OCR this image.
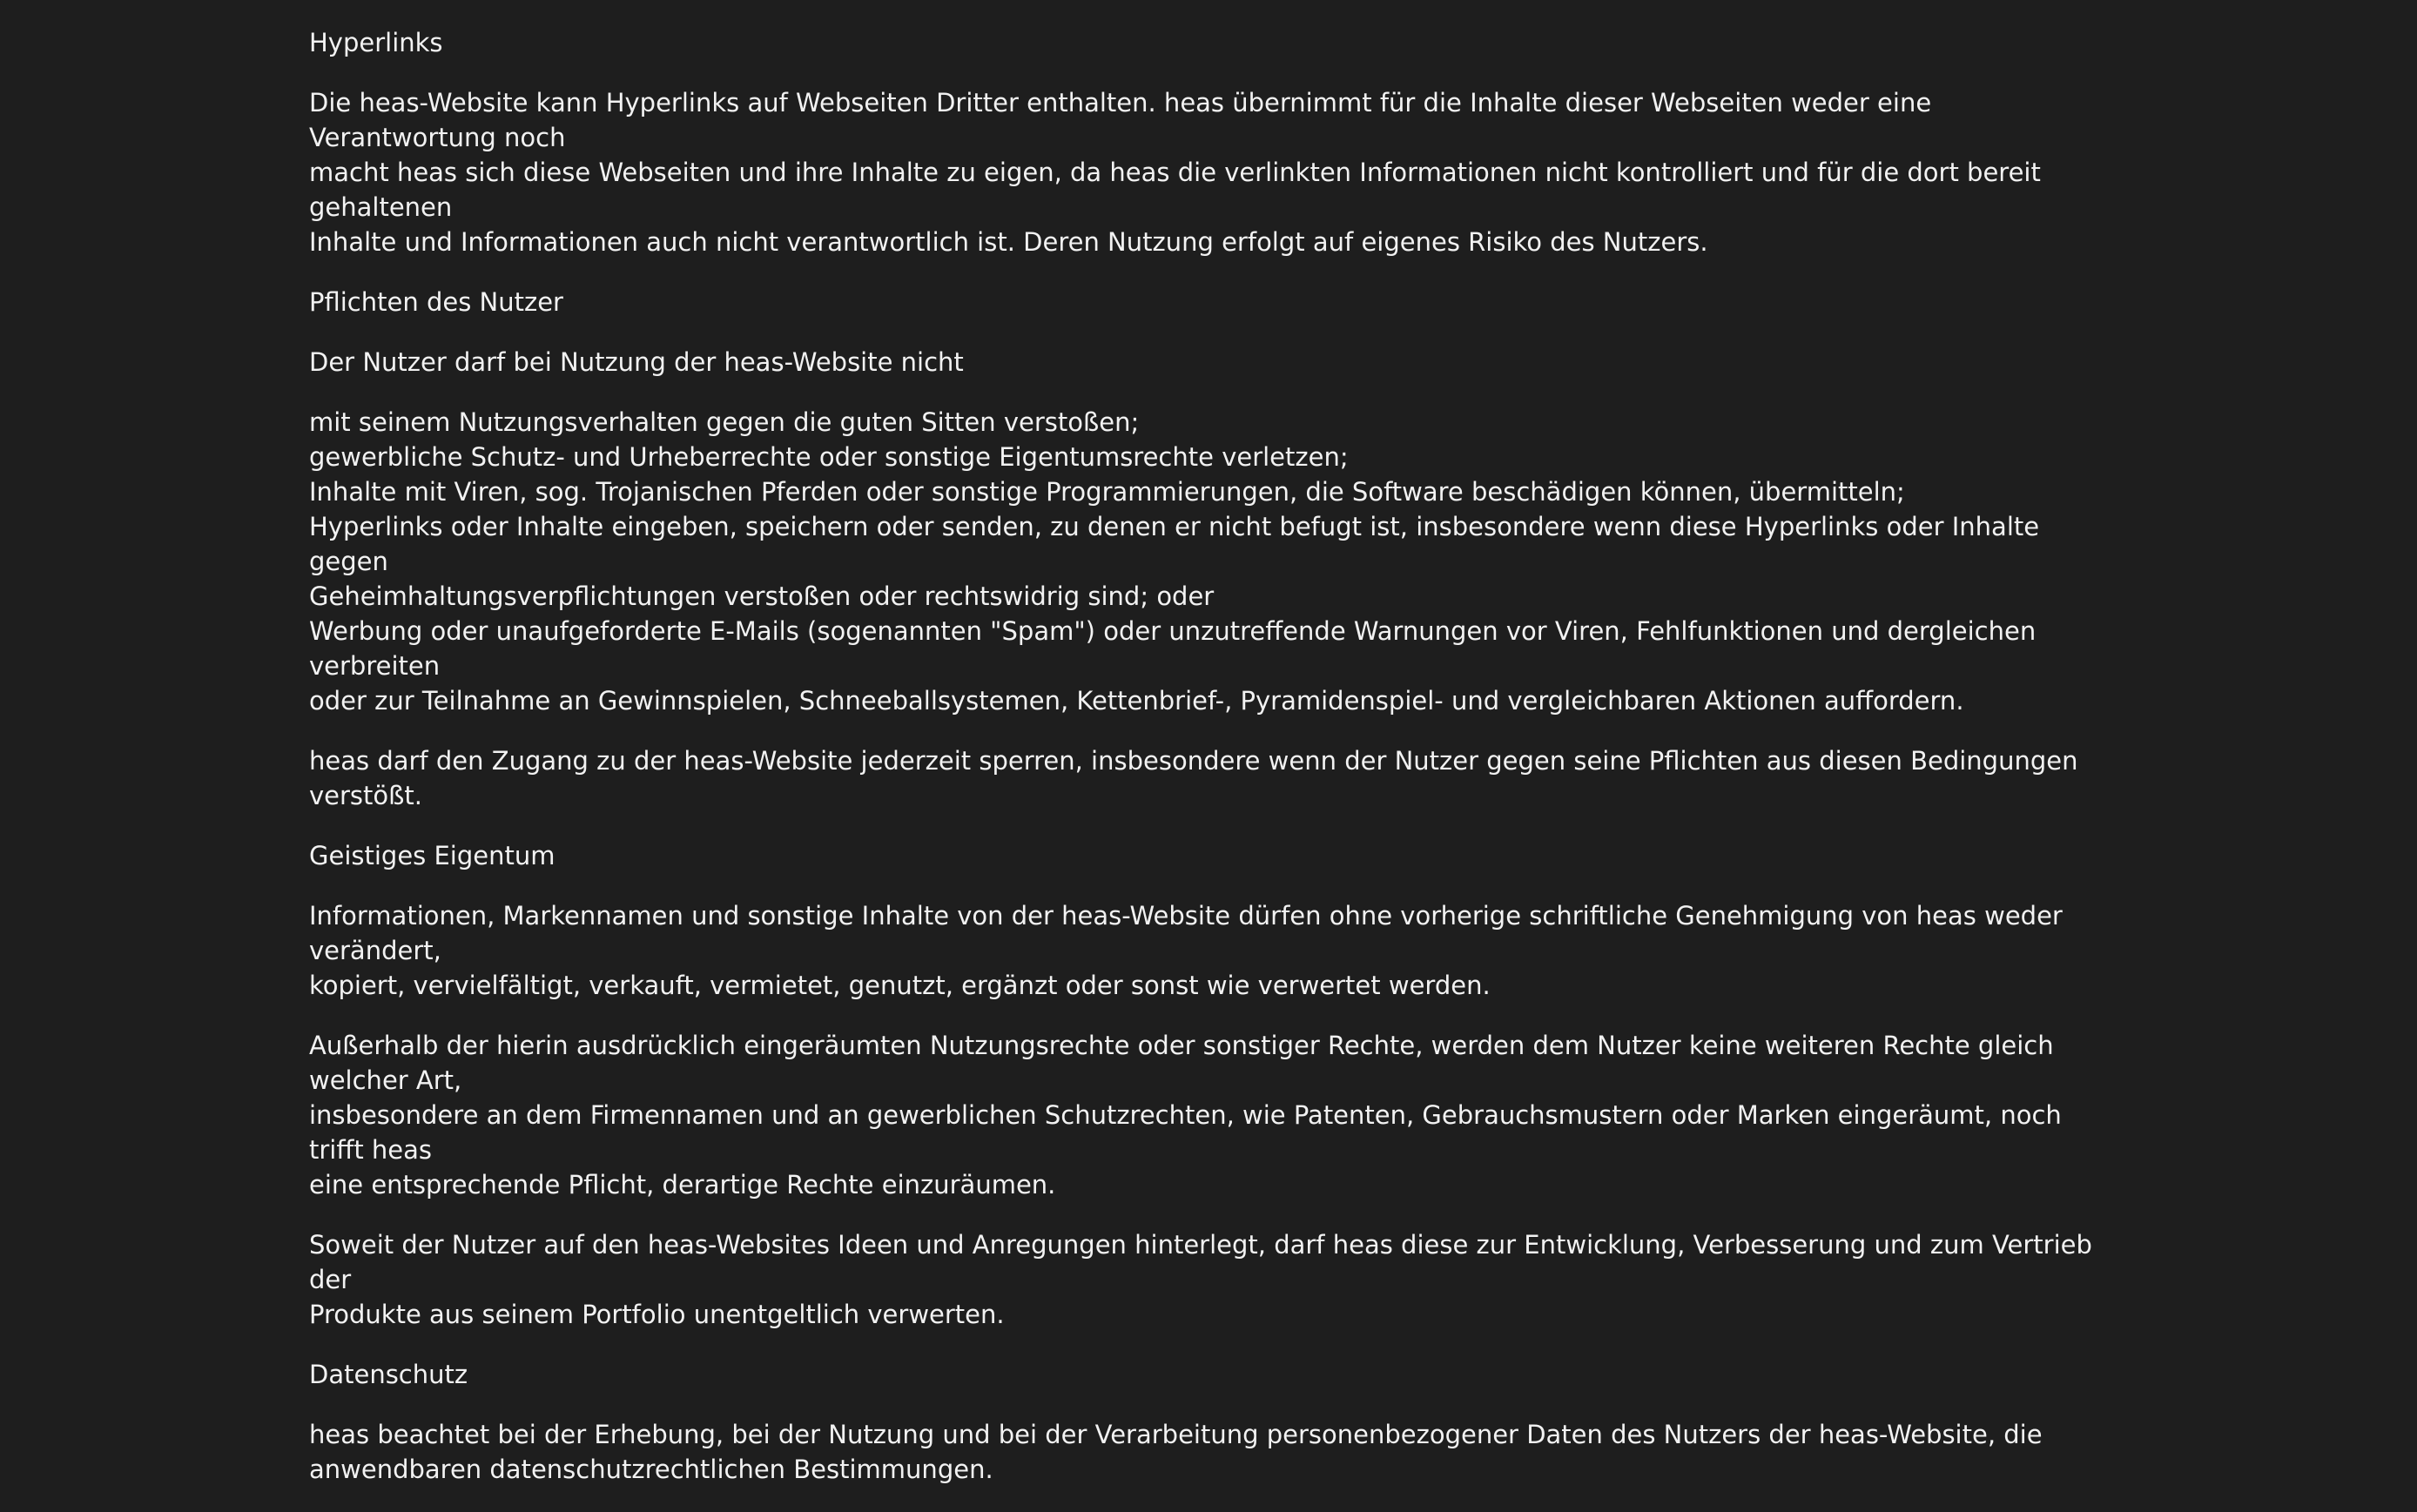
Hyperlinks

Die heas-Website kann Hyperlinks auf Webseiten Dritter enthalten. heas übernimmt für die Inhalte dieser Webseiten weder eine Verantwortung noch
macht heas sich diese Webseiten und ihre Inhalte zu eigen, da heas die verlinkten Informationen nicht kontrolliert und für die dort bereit gehaltenen
Inhalte und Informationen auch nicht verantwortlich ist. Deren Nutzung erfolgt auf eigenes Risiko des Nutzers.

Pflichten des Nutzer

Der Nutzer darf bei Nutzung der heas-Website nicht

mit seinem Nutzungsverhalten gegen die guten Sitten verstoßen;
gewerbliche Schutz- und Urheberrechte oder sonstige Eigentumsrechte verletzen;
Inhalte mit Viren, sog. Trojanischen Pferden oder sonstige Programmierungen, die Software beschädigen können, übermitteln;
Hyperlinks oder Inhalte eingeben, speichern oder senden, zu denen er nicht befugt ist, insbesondere wenn diese Hyperlinks oder Inhalte gegen
Geheimhaltungsverpflichtungen verstoßen oder rechtswidrig sind; oder
Werbung oder unaufgeforderte E-Mails (sogenannten "Spam") oder unzutreffende Warnungen vor Viren, Fehlfunktionen und dergleichen verbreiten
oder zur Teilnahme an Gewinnspielen, Schneeballsystemen, Kettenbrief-, Pyramidenspiel- und vergleichbaren Aktionen auffordern.

heas darf den Zugang zu der heas-Website jederzeit sperren, insbesondere wenn der Nutzer gegen seine Pflichten aus diesen Bedingungen verstößt.

Geistiges Eigentum

Informationen, Markennamen und sonstige Inhalte von der heas-Website dürfen ohne vorherige schriftliche Genehmigung von heas weder verändert,
kopiert, vervielfältigt, verkauft, vermietet, genutzt, ergänzt oder sonst wie verwertet werden.

Außerhalb der hierin ausdrücklich eingeräumten Nutzungsrechte oder sonstiger Rechte, werden dem Nutzer keine weiteren Rechte gleich welcher Art,
insbesondere an dem Firmennamen und an gewerblichen Schutzrechten, wie Patenten, Gebrauchsmustern oder Marken eingeräumt, noch trifft heas
eine entsprechende Pflicht, derartige Rechte einzuräumen.

Soweit der Nutzer auf den heas-Websites Ideen und Anregungen hinterlegt, darf heas diese zur Entwicklung, Verbesserung und zum Vertrieb der
Produkte aus seinem Portfolio unentgeltlich verwerten.

Datenschutz

heas beachtet bei der Erhebung, bei der Nutzung und bei der Verarbeitung personenbezogener Daten des Nutzers der heas-Website, die
anwendbaren datenschutzrechtlichen Bestimmungen.
